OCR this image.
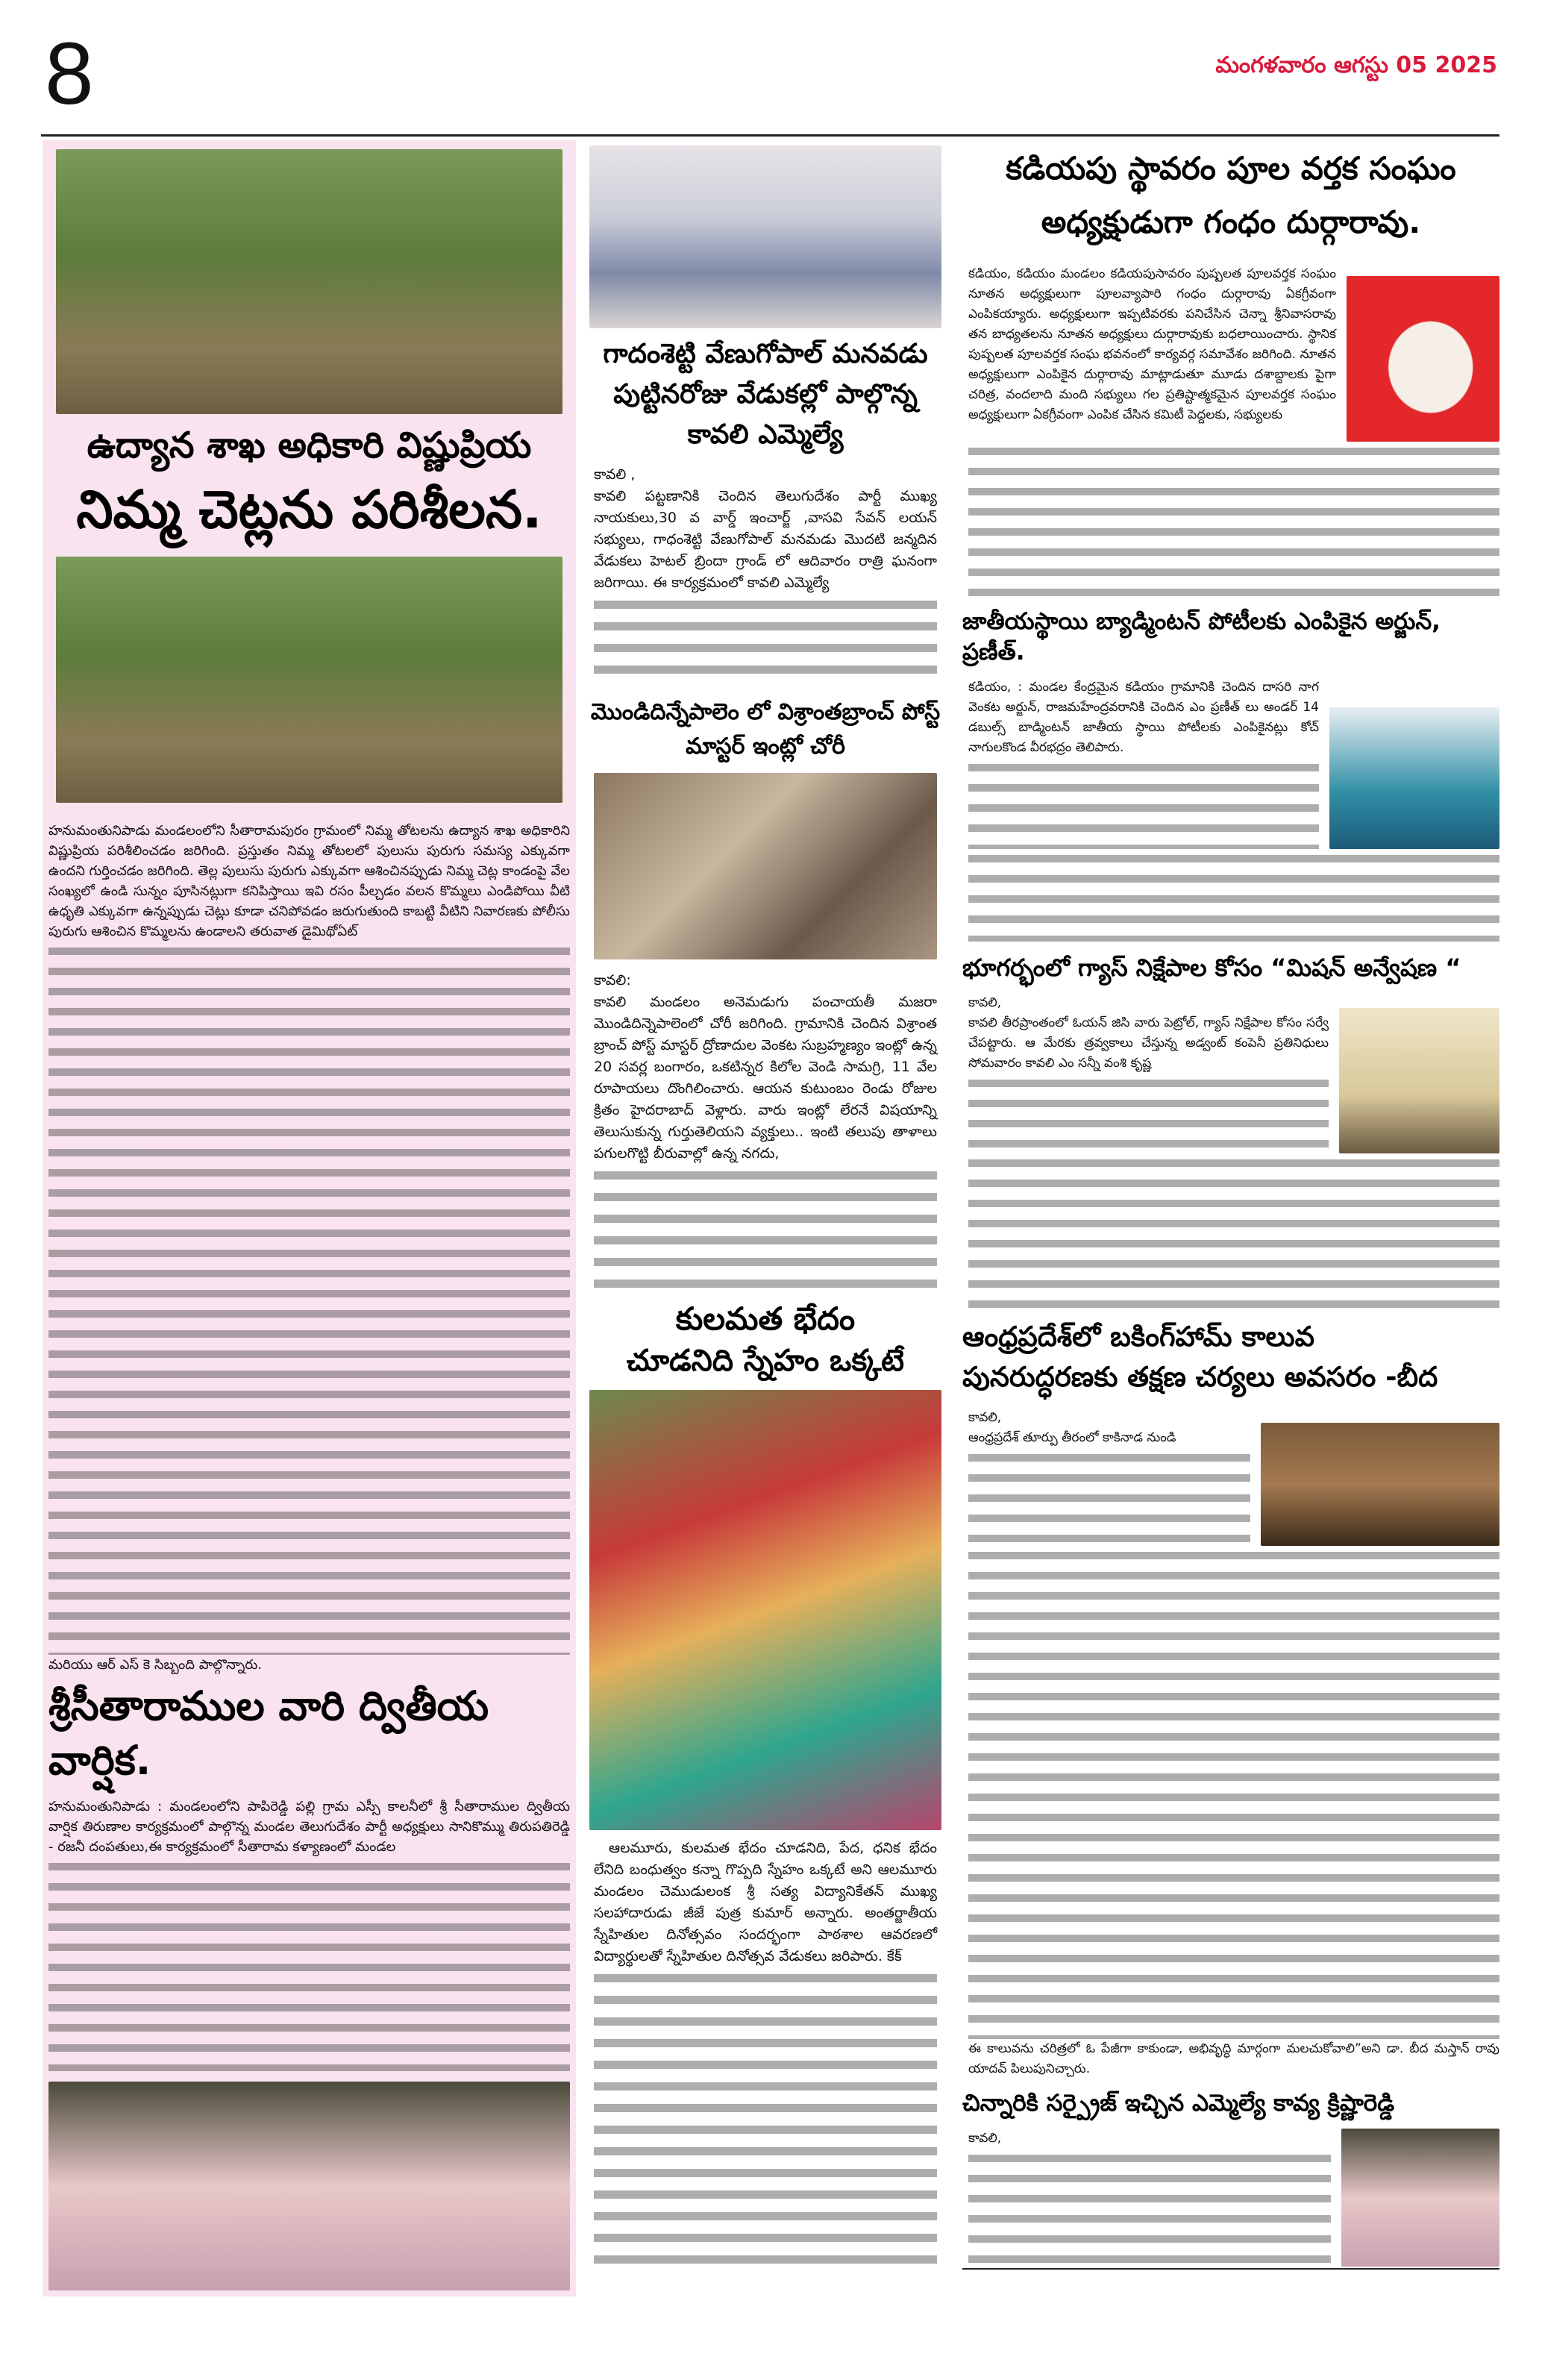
8	మంగళవారం ఆగస్టు 05 2025
ఉద్యాన శాఖ అధికారి విష్ణుప్రియ
నిమ్మ చెట్లను పరిశీలన.
హనుమంతునిపాడు మండలంలోని సీతారామపురం గ్రామంలో నిమ్మ తోటలను ఉద్యాన శాఖ అధికారిని విష్ణుప్రియ పరిశీలించడం జరిగింది. ప్రస్తుతం నిమ్మ తోటలలో పులుసు పురుగు సమస్య ఎక్కువగా ఉందని గుర్తించడం జరిగింది. తెల్ల పులుసు పురుగు ఎక్కువగా ఆశించినప్పుడు నిమ్మ చెట్ల కాండంపై వేల సంఖ్యలో ఉండి సున్నం పూసినట్లుగా కనిపిస్తాయి ఇవి రసం పీల్చడం వలన కొమ్మలు ఎండిపోయి వీటి ఉధృతి ఎక్కువగా ఉన్నప్పుడు చెట్లు కూడా చనిపోవడం జరుగుతుంది కాబట్టి వీటిని నివారణకు పోలీసు పురుగు ఆశించిన కొమ్మలను ఉండాలని తరువాత డైమిథోఏట్
మరియు ఆర్ ఎస్ కె సిబ్బంది పాల్గొన్నారు.
శ్రీసీతారాముల వారి ద్వితీయ వార్షిక.
హనుమంతునిపాడు : మండలంలోని పాపిరెడ్డి పల్లి గ్రామ ఎస్సీ కాలనీలో శ్రీ సీతారాముల ద్వితీయ వార్షిక తిరుణాల కార్యక్రమంలో పాల్గొన్న మండల తెలుగుదేశం పార్టీ అధ్యక్షులు సానికొమ్ము తిరుపతిరెడ్డి - రజనీ దంపతులు,ఈ కార్యక్రమంలో సీతారామ కళ్యాణంలో మండల
గాదంశెట్టి వేణుగోపాల్ మనవడు పుట్టినరోజు వేడుకల్లో పాల్గొన్న కావలి ఎమ్మెల్యే
కావలి ,
కావలి పట్టణానికి చెందిన తెలుగుదేశం పార్టీ ముఖ్య నాయకులు,30 వ వార్డ్ ఇంచార్జ్ ,వాసవి సేవన్ లయన్ సభ్యులు, గాధంశెట్టి వేణుగోపాల్ మనమడు మొదటి జన్మదిన వేడుకలు హెటల్ బ్రిందా గ్రాండ్ లో ఆదివారం రాత్రి ఘనంగా జరిగాయి. ఈ కార్యక్రమంలో కావలి ఎమ్మెల్యే
మొండిదిన్నేపాలెం లో విశ్రాంతబ్రాంచ్ పోస్ట్ మాస్టర్ ఇంట్లో చోరీ
కావలి:
కావలి మండలం అనెమడుగు పంచాయతీ మజరా మొండిదిన్నెపాలెంలో చోరీ జరిగింది. గ్రామానికి చెందిన విశ్రాంత బ్రాంచ్ పోస్ట్ మాస్టర్ ద్రోణాదుల వెంకట సుబ్రహ్మణ్యం ఇంట్లో ఉన్న 20 సవర్ల బంగారం, ఒకటిన్నర కిలోల వెండి సామగ్రి, 11 వేల రూపాయలు దొంగిలించారు. ఆయన కుటుంబం రెండు రోజుల క్రితం హైదరాబాద్ వెళ్లారు. వారు ఇంట్లో లేరనే విషయాన్ని తెలుసుకున్న గుర్తుతెలియని వ్యక్తులు.. ఇంటి తలుపు తాళాలు పగులగొట్టి బీరువాల్లో ఉన్న నగదు,
కులమత భేదం
చూడనిది స్నేహం ఒక్కటే
ఆలమూరు, కులమత భేదం చూడనిది, పేద, ధనిక భేదం లేనిది బంధుత్వం కన్నా గొప్పది స్నేహం ఒక్కటే అని ఆలమూరు మండలం చెముడులంక శ్రీ సత్య విద్యానికేతన్ ముఖ్య సలహాదారుడు జీజే పుత్ర కుమార్ అన్నారు. అంతర్జాతీయ స్నేహితుల దినోత్సవం సందర్భంగా పాఠశాల ఆవరణలో విద్యార్థులతో స్నేహితుల దినోత్సవ వేడుకలు జరిపారు. కేక్
కడియపు స్థావరం పూల వర్తక సంఘం
అధ్యక్షుడుగా గంధం దుర్గారావు.
కడియం, కడియం మండలం కడియపుసావరం పుష్పలత పూలవర్తక సంఘం నూతన అధ్యక్షులుగా పూలవ్యాపారి గంధం దుర్గారావు ఏకగ్రీవంగా ఎంపికయ్యారు. అధ్యక్షులుగా ఇప్పటివరకు పనిచేసిన చెన్నా శ్రీనివాసరావు తన బాధ్యతలను నూతన అధ్యక్షులు దుర్గారావుకు బధలాయించారు. స్థానిక పుష్పలత పూలవర్తక సంఘ భవనంలో కార్యవర్గ సమావేశం జరిగింది. నూతన అధ్యక్షులుగా ఎంపికైన దుర్గారావు మాట్లాడుతూ మూడు దశాబ్దాలకు పైగా చరిత్ర, వందలాది మంది సభ్యులు గల ప్రతిష్టాత్మకమైన పూలవర్తక సంఘం అధ్యక్షులుగా ఏకగ్రీవంగా ఎంపిక చేసిన కమిటీ పెద్దలకు, సభ్యులకు
జాతీయస్థాయి బ్యాడ్మింటన్ పోటీలకు ఎంపికైన అర్జున్, ప్రణీత్.
కడియం, : మండల కేంద్రమైన కడియం గ్రామానికి చెందిన దాసరి నాగ వెంకట అర్జున్, రాజమహేంద్రవరానికి చెందిన ఎం ప్రణీత్ లు అండర్ 14 డబుల్స్ బాడ్మింటన్ జాతీయ స్థాయి పోటీలకు ఎంపికైనట్లు కోచ్ నాగులకొండ వీరభద్రం తెలిపారు.
భూగర్భంలో గ్యాస్ నిక్షేపాల కోసం “మిషన్ అన్వేషణ “
కావలి,
కావలి తీరప్రాంతంలో ఓయన్ జిసి వారు పెట్రోల్, గ్యాస్ నిక్షేపాల కోసం సర్వే చేపట్టారు. ఆ మేరకు త్రవ్వకాలు చేస్తున్న అడ్వంట్ కంపెనీ ప్రతినిధులు సోమవారం కావలి ఎం సన్నీ వంశి కృష్ణ
ఆంధ్రప్రదేశ్‌లో బకింగ్‌హామ్ కాలువ
పునరుద్ధరణకు తక్షణ చర్యలు అవసరం -బీద
కావలి,
ఆంధ్రప్రదేశ్ తూర్పు తీరంలో కాకినాడ నుండి
ఈ కాలువను చరిత్రలో ఓ పేజీగా కాకుండా, అభివృద్ధి మార్గంగా మలచుకోవాలి”అని డా. బీద మస్తాన్ రావు యాదవ్ పిలుపునిచ్చారు.
చిన్నారికి సర్ప్రైజ్ ఇచ్చిన ఎమ్మెల్యే కావ్య క్రిష్ణారెడ్డి
కావలి,
